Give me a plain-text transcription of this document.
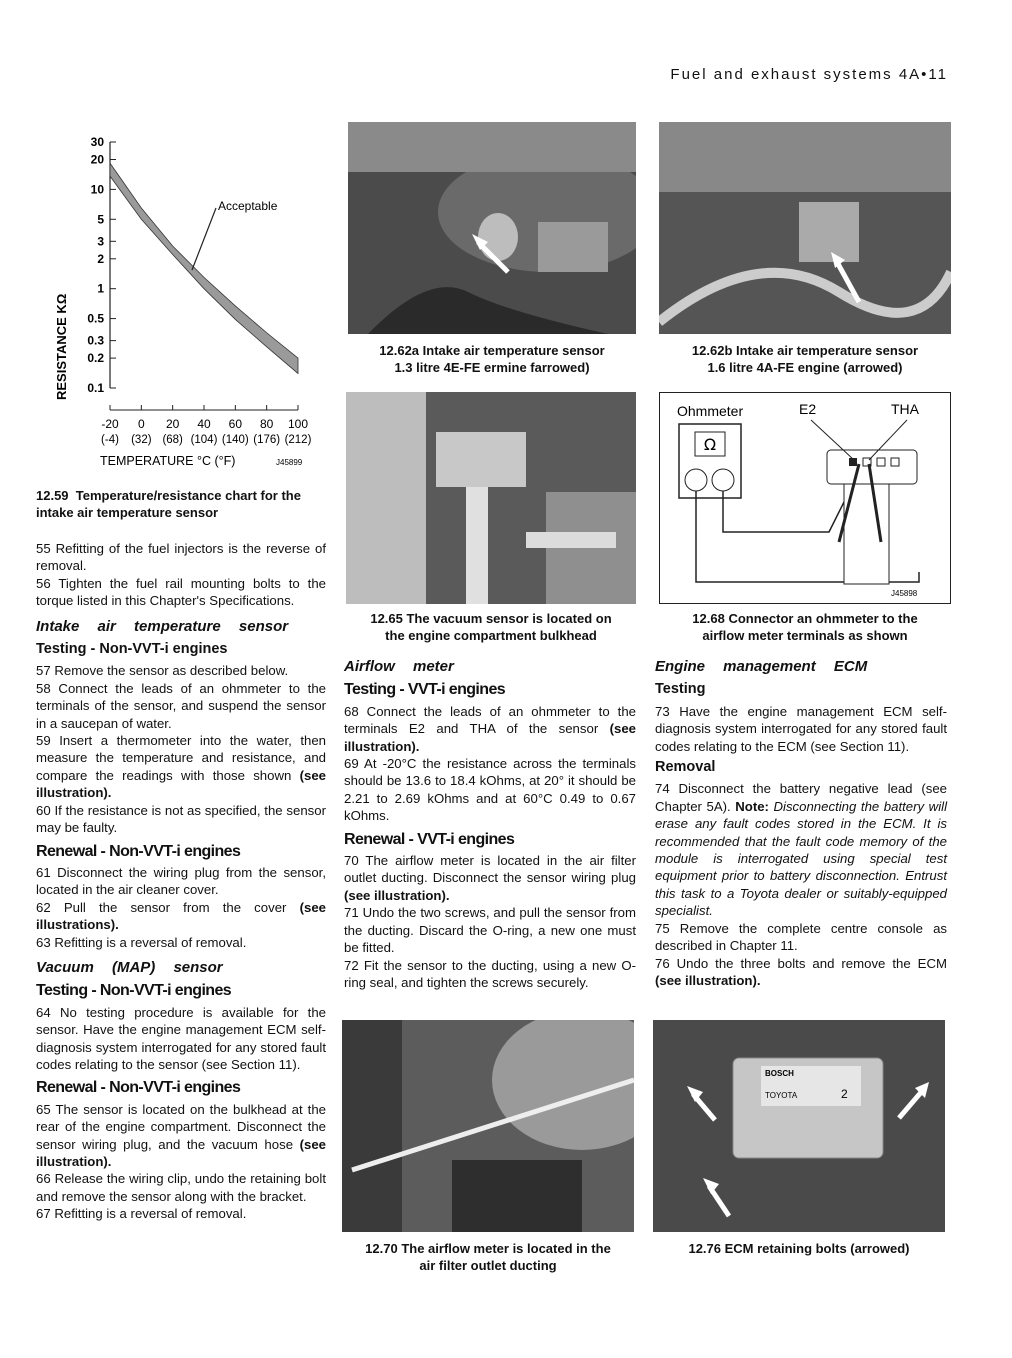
Fuel and exhaust systems 4A•11
30
20
10
5
3
2
1
0.5
0.3
0.2
0.1
-20
(-4)
0
(32)
20
(68)
40
(104)
60
(140)
80
(176)
100
(212)
RESISTANCE KΩ
Acceptable
TEMPERATURE °C (°F)	J45899
12.59 Temperature/resistance chart for the intake air temperature sensor
12.62a Intake air temperature sensor
1.3 litre 4E-FE ermine farrowed)
12.62b Intake air temperature sensor
1.6 litre 4A-FE engine (arrowed)
12.65 The vacuum sensor is located on
the engine compartment bulkhead
Ohmmeter	E2	THA
Ω
J45898
12.68 Connector an ohmmeter to the
airflow meter terminals as shown

55 Refitting of the fuel injectors is the reverse of removal.

56 Tighten the fuel rail mounting bolts to the torque listed in this Chapter's Specifications.

Intake air temperature sensor
Testing - Non-VVT-i engines

57 Remove the sensor as described below.

58 Connect the leads of an ohmmeter to the terminals of the sensor, and suspend the sensor in a saucepan of water.

59 Insert a thermometer into the water, then measure the temperature and resistance, and compare the readings with those shown (see illustration).

60 If the resistance is not as specified, the sensor may be faulty.

Renewal - Non-VVT-i engines

61 Disconnect the wiring plug from the sensor, located in the air cleaner cover.

62 Pull the sensor from the cover (see illustrations).

63 Refitting is a reversal of removal.

Vacuum (MAP) sensor
Testing - Non-VVT-i engines

64 No testing procedure is available for the sensor. Have the engine management ECM self-diagnosis system interrogated for any stored fault codes relating to the sensor (see Section 11).

Renewal - Non-VVT-i engines

65 The sensor is located on the bulkhead at the rear of the engine compartment. Disconnect the sensor wiring plug, and the vacuum hose (see illustration).

66 Release the wiring clip, undo the retaining bolt and remove the sensor along with the bracket.

67 Refitting is a reversal of removal.

Airflow meter
Testing - VVT-i engines

68 Connect the leads of an ohmmeter to the terminals E2 and THA of the sensor (see illustration).

69 At -20°C the resistance across the terminals should be 13.6 to 18.4 kOhms, at 20° it should be 2.21 to 2.69 kOhms and at 60°C 0.49 to 0.67 kOhms.

Renewal - VVT-i engines

70 The airflow meter is located in the air filter outlet ducting. Disconnect the sensor wiring plug (see illustration).

71 Undo the two screws, and pull the sensor from the ducting. Discard the O-ring, a new one must be fitted.

72 Fit the sensor to the ducting, using a new O-ring seal, and tighten the screws securely.

Engine management ECM
Testing

73 Have the engine management ECM self-diagnosis system interrogated for any stored fault codes relating to the ECM (see Section 11).

Removal

74 Disconnect the battery negative lead (see Chapter 5A). Note: Disconnecting the battery will erase any fault codes stored in the ECM. It is recommended that the fault code memory of the module is interrogated using special test equipment prior to battery disconnection. Entrust this task to a Toyota dealer or suitably-equipped specialist.

75 Remove the complete centre console as described in Chapter 11.

76 Undo the three bolts and remove the ECM (see illustration).

12.70 The airflow meter is located in the
air filter outlet ducting
BOSCH
TOYOTA	2
12.76 ECM retaining bolts (arrowed)
